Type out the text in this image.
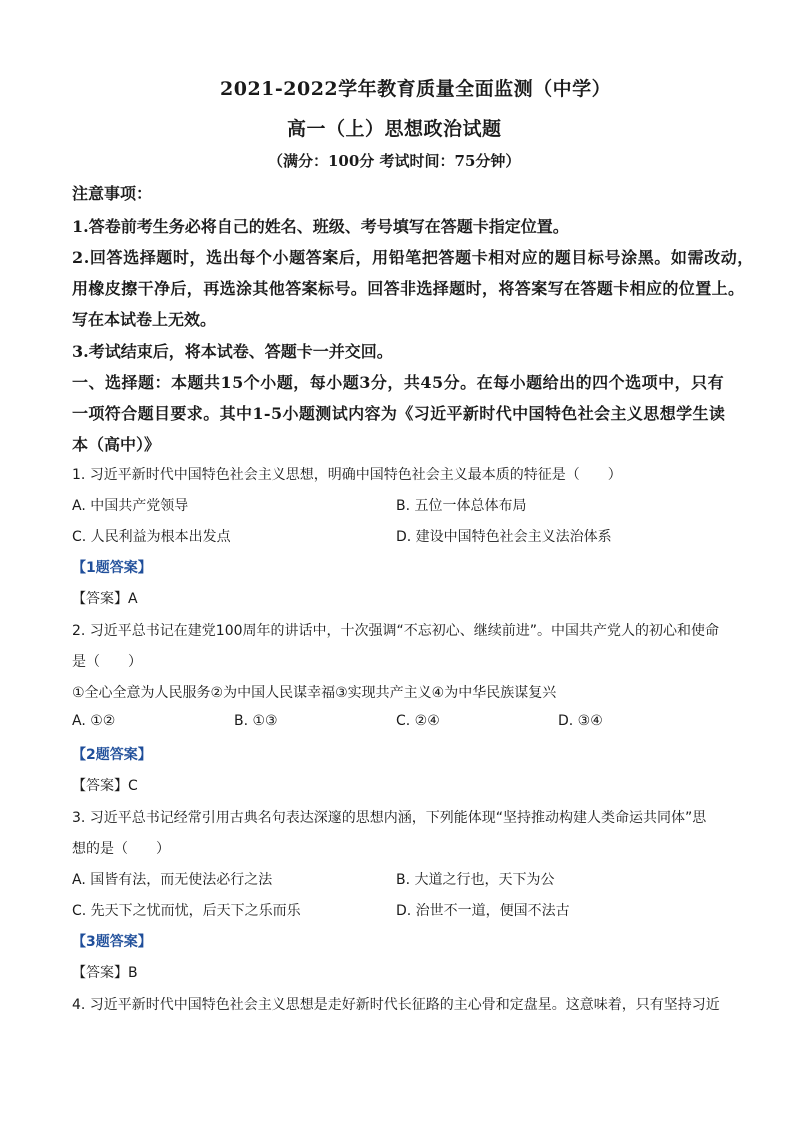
2021-2022学年教育质量全面监测（中学）
高一（上）思想政治试题
（满分：100分 考试时间：75分钟）
注意事项：
1.答卷前考生务必将自己的姓名、班级、考号填写在答题卡指定位置。
2.回答选择题时，选出每个小题答案后，用铅笔把答题卡相对应的题目标号涂黑。如需改动，
用橡皮擦干净后，再选涂其他答案标号。回答非选择题时，将答案写在答题卡相应的位置上。
写在本试卷上无效。
3.考试结束后，将本试卷、答题卡一并交回。
一、选择题：本题共15个小题，每小题3分，共45分。在每小题给出的四个选项中，只有
一项符合题目要求。其中1-5小题测试内容为《习近平新时代中国特色社会主义思想学生读
本（高中）》
1. 习近平新时代中国特色社会主义思想，明确中国特色社会主义最本质的特征是（　　）
A. 中国共产党领导	B. 五位一体总体布局
C. 人民利益为根本出发点	D. 建设中国特色社会主义法治体系
【1题答案】
【答案】A
2. 习近平总书记在建党100周年的讲话中，十次强调“不忘初心、继续前进”。中国共产党人的初心和使命
是（　　）
①全心全意为人民服务②为中国人民谋幸福③实现共产主义④为中华民族谋复兴
A. ①②	B. ①③	C. ②④	D. ③④
【2题答案】
【答案】C
3. 习近平总书记经常引用古典名句表达深邃的思想内涵，下列能体现“坚持推动构建人类命运共同体”思
想的是（　　）
A. 国皆有法，而无使法必行之法	B. 大道之行也，天下为公
C. 先天下之忧而忧，后天下之乐而乐	D. 治世不一道，便国不法古
【3题答案】
【答案】B
4. 习近平新时代中国特色社会主义思想是走好新时代长征路的主心骨和定盘星。这意味着，只有坚持习近
